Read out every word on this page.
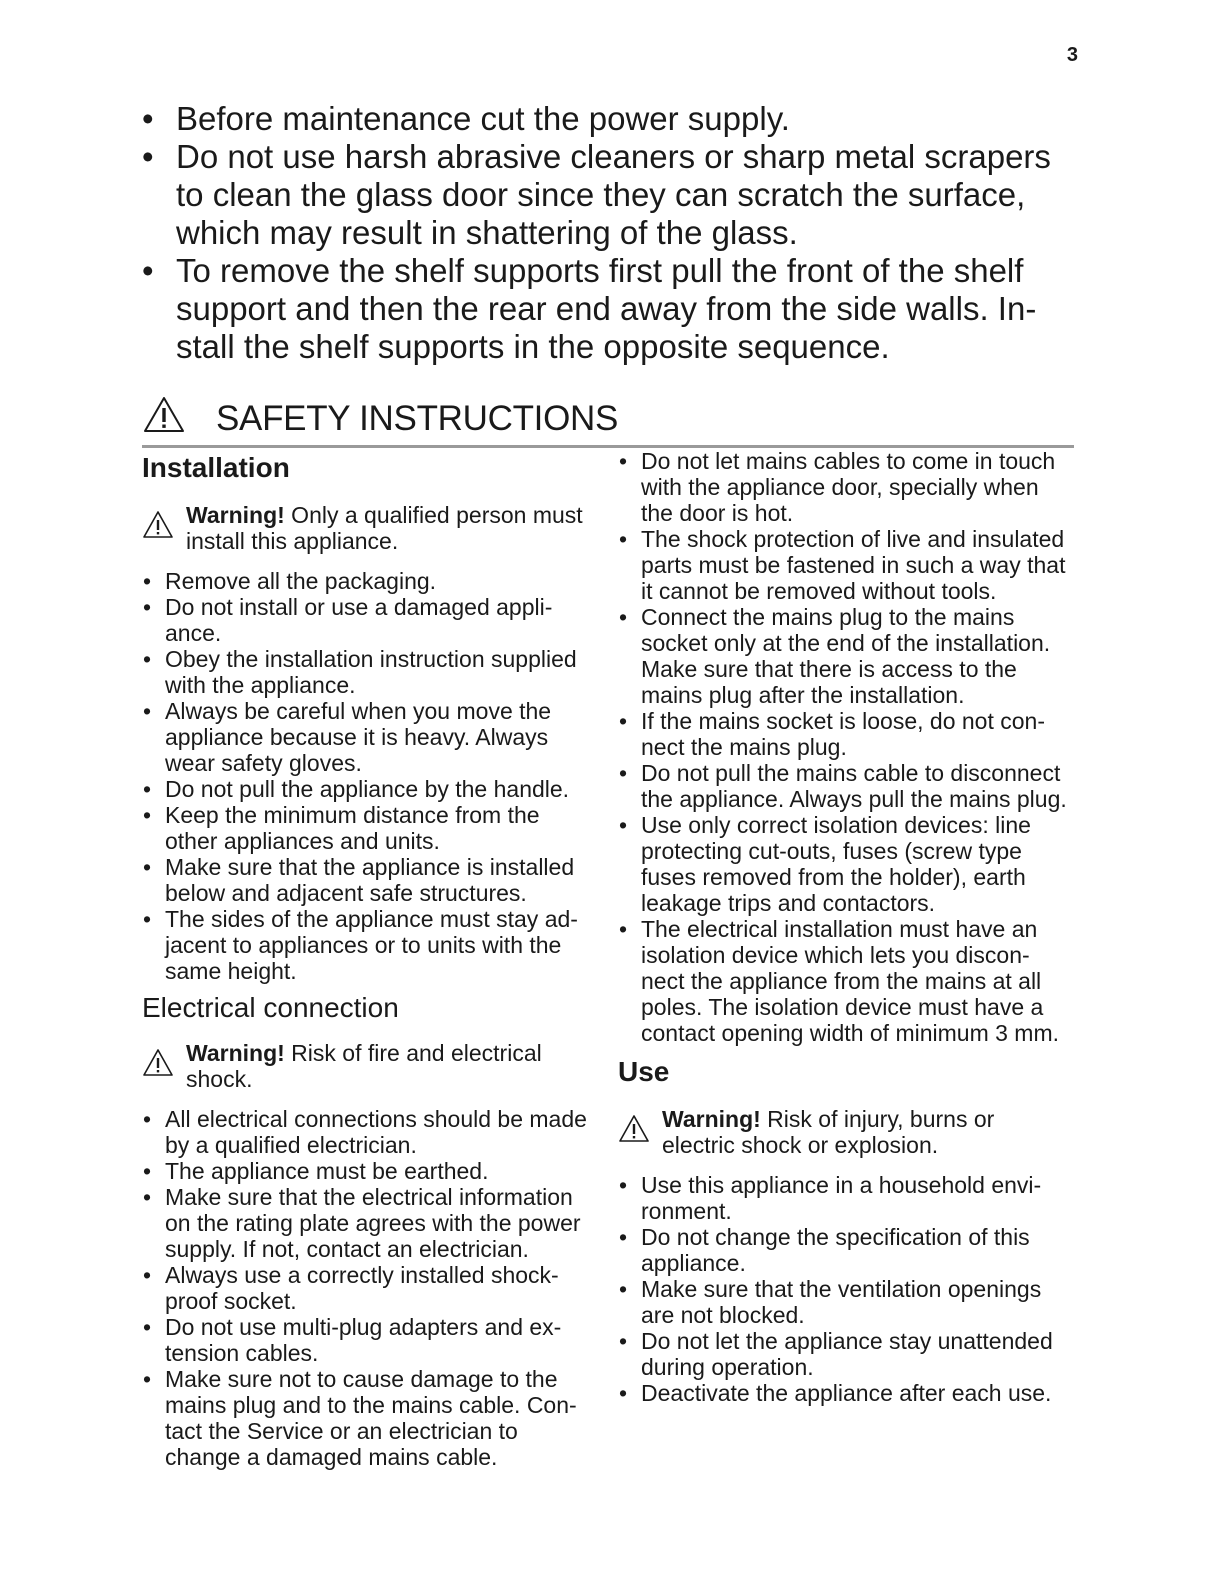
3
• Before maintenance cut the power supply.
• Do not use harsh abrasive cleaners or sharp metal scrapers to clean the glass door since they can scratch the surface, which may result in shattering of the glass.
• To remove the shelf supports first pull the front of the shelf support and then the rear end away from the side walls. In-stall the shelf supports in the opposite sequence.
SAFETY INSTRUCTIONS
Installation
Warning! Only a qualified person must install this appliance.
• Remove all the packaging.
• Do not install or use a damaged appli-ance.
• Obey the installation instruction supplied with the appliance.
• Always be careful when you move the appliance because it is heavy. Always wear safety gloves.
• Do not pull the appliance by the handle.
• Keep the minimum distance from the other appliances and units.
• Make sure that the appliance is installed below and adjacent safe structures.
• The sides of the appliance must stay ad-jacent to appliances or to units with the same height.
Electrical connection
Warning! Risk of fire and electrical shock.
• All electrical connections should be made by a qualified electrician.
• The appliance must be earthed.
• Make sure that the electrical information on the rating plate agrees with the power supply. If not, contact an electrician.
• Always use a correctly installed shock-proof socket.
• Do not use multi-plug adapters and ex-tension cables.
• Make sure not to cause damage to the mains plug and to the mains cable. Con-tact the Service or an electrician to change a damaged mains cable.
• Do not let mains cables to come in touch with the appliance door, specially when the door is hot.
• The shock protection of live and insulated parts must be fastened in such a way that it cannot be removed without tools.
• Connect the mains plug to the mains socket only at the end of the installation. Make sure that there is access to the mains plug after the installation.
• If the mains socket is loose, do not con-nect the mains plug.
• Do not pull the mains cable to disconnect the appliance. Always pull the mains plug.
• Use only correct isolation devices: line protecting cut-outs, fuses (screw type fuses removed from the holder), earth leakage trips and contactors.
• The electrical installation must have an isolation device which lets you discon-nect the appliance from the mains at all poles. The isolation device must have a contact opening width of minimum 3 mm.
Use
Warning! Risk of injury, burns or electric shock or explosion.
• Use this appliance in a household envi-ronment.
• Do not change the specification of this appliance.
• Make sure that the ventilation openings are not blocked.
• Do not let the appliance stay unattended during operation.
• Deactivate the appliance after each use.
